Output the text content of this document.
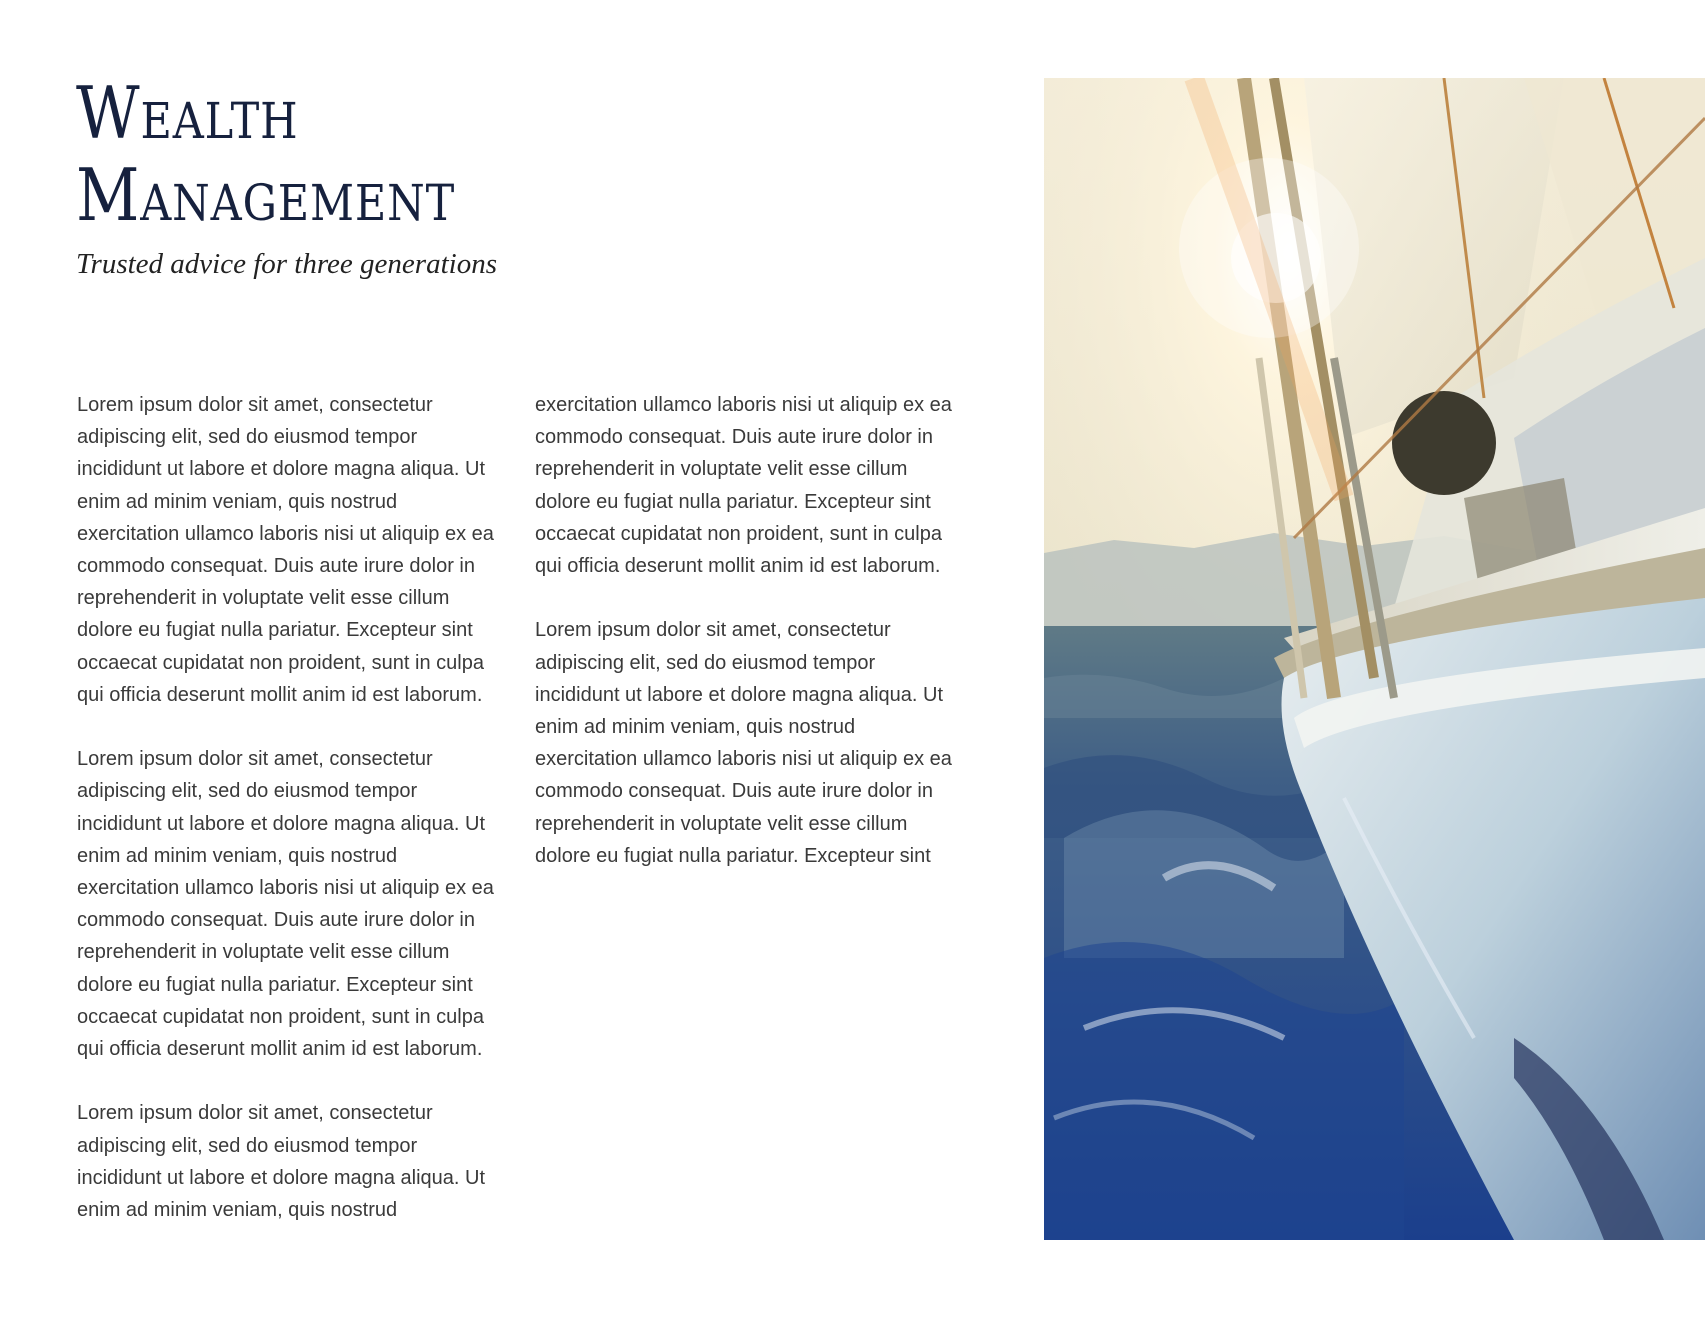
Wealth
Management

Trusted advice for three generations

Lorem ipsum dolor sit amet, consectetur adipiscing elit, sed do eiusmod tempor incididunt ut labore et dolore magna aliqua. Ut enim ad minim veniam, quis nostrud exercitation ullamco laboris nisi ut aliquip ex ea commodo consequat. Duis aute irure dolor in reprehenderit in voluptate velit esse cillum dolore eu fugiat nulla pariatur. Excepteur sint occaecat cupidatat non proident, sunt in culpa qui officia deserunt mollit anim id est laborum.

Lorem ipsum dolor sit amet, consectetur adipiscing elit, sed do eiusmod tempor incididunt ut labore et dolore magna aliqua. Ut enim ad minim veniam, quis nostrud exercitation ullamco laboris nisi ut aliquip ex ea commodo consequat. Duis aute irure dolor in reprehenderit in voluptate velit esse cillum dolore eu fugiat nulla pariatur. Excepteur sint occaecat cupidatat non proident, sunt in culpa qui officia deserunt mollit anim id est laborum.

Lorem ipsum dolor sit amet, consectetur adipiscing elit, sed do eiusmod tempor incididunt ut labore et dolore magna aliqua. Ut enim ad minim veniam, quis nostrud exercitation ullamco laboris nisi ut aliquip ex ea commodo consequat. Duis aute irure dolor in reprehenderit in voluptate velit esse cillum dolore eu fugiat nulla pariatur. Excepteur sint occaecat cupidatat non proident, sunt in culpa qui officia deserunt mollit anim id est laborum.

Lorem ipsum dolor sit amet, consectetur adipiscing elit, sed do eiusmod tempor incididunt ut labore et dolore magna aliqua. Ut enim ad minim veniam, quis nostrud exercitation ullamco laboris nisi ut aliquip ex ea commodo consequat. Duis aute irure dolor in reprehenderit in voluptate velit esse cillum dolore eu fugiat nulla pariatur. Excepteur sint
